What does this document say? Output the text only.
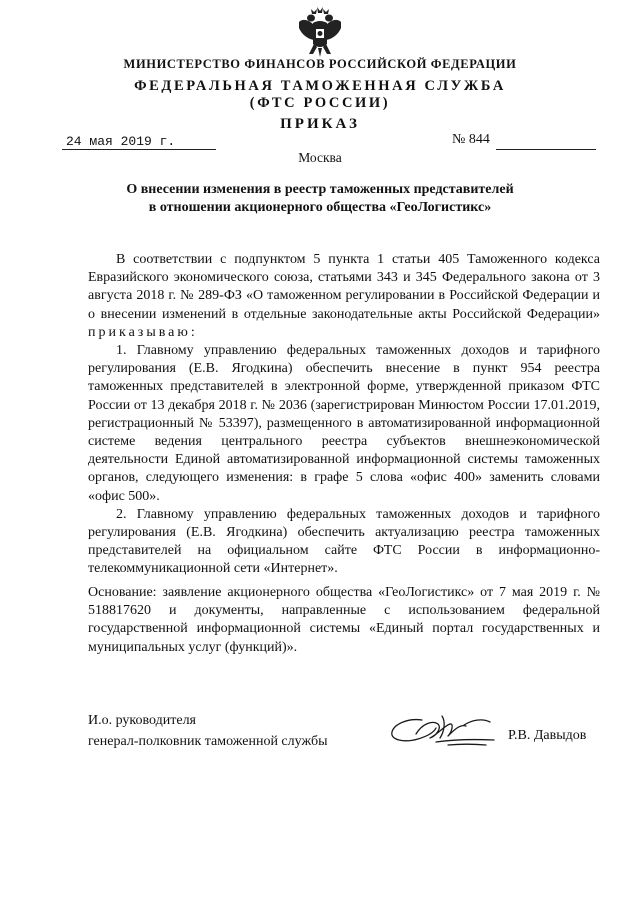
МИНИСТЕРСТВО ФИНАНСОВ РОССИЙСКОЙ ФЕДЕРАЦИИ
ФЕДЕРАЛЬНАЯ ТАМОЖЕННАЯ СЛУЖБА
(ФТС РОССИИ)
ПРИКАЗ
24 мая 2019 г.	№ 844
Москва
О внесении изменения в реестр таможенных представителей
в отношении акционерного общества «ГеоЛогистикс»

В соответствии с подпунктом 5 пункта 1 статьи 405 Таможенного кодекса Евразийского экономического союза, статьями 343 и 345 Федерального закона от 3 августа 2018 г. № 289-ФЗ «О таможенном регулировании в Российской Федерации и о внесении изменений в отдельные законодательные акты Российской Федерации» приказываю:

1. Главному управлению федеральных таможенных доходов и тарифного регулирования (Е.В. Ягодкина) обеспечить внесение в пункт 954 реестра таможенных представителей в электронной форме, утвержденной приказом ФТС России от 13 декабря 2018 г. № 2036 (зарегистрирован Минюстом России 17.01.2019, регистрационный № 53397), размещенного в автоматизированной информационной системе ведения центрального реестра субъектов внешнеэкономической деятельности Единой автоматизированной информационной системы таможенных органов, следующего изменения: в графе 5 слова «офис 400» заменить словами «офис 500».

2. Главному управлению федеральных таможенных доходов и тарифного регулирования (Е.В. Ягодкина) обеспечить актуализацию реестра таможенных представителей на официальном сайте ФТС России в информационно-телекоммуникационной сети «Интернет».

Основание: заявление акционерного общества «ГеоЛогистикс» от 7 мая 2019 г. № 518817620 и документы, направленные с использованием федеральной государственной информационной системы «Единый портал государственных и муниципальных услуг (функций)».

И.о. руководителя
генерал-полковник таможенной службы	Р.В. Давыдов
